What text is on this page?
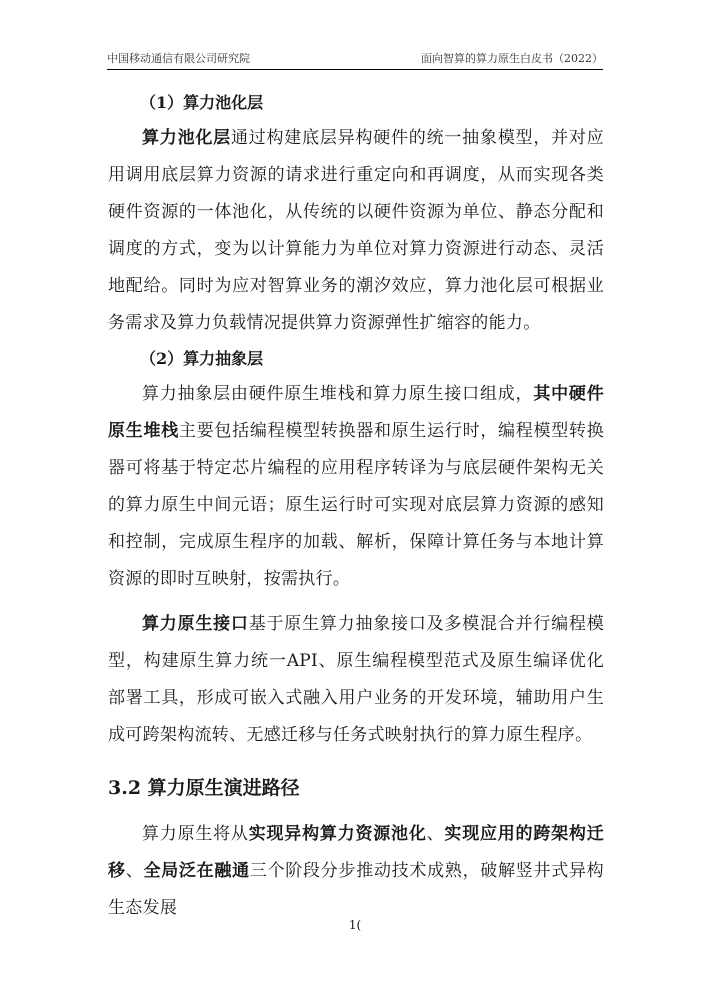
中国移动通信有限公司研究院	面向智算的算力原生白皮书（2022）

（1）算力池化层

算力池化层通过构建底层异构硬件的统一抽象模型，并对应用调用底层算力资源的请求进行重定向和再调度，从而实现各类硬件资源的一体池化，从传统的以硬件资源为单位、静态分配和调度的方式，变为以计算能力为单位对算力资源进行动态、灵活地配给。同时为应对智算业务的潮汐效应，算力池化层可根据业务需求及算力负载情况提供算力资源弹性扩缩容的能力。

（2）算力抽象层

算力抽象层由硬件原生堆栈和算力原生接口组成，其中硬件原生堆栈主要包括编程模型转换器和原生运行时，编程模型转换器可将基于特定芯片编程的应用程序转译为与底层硬件架构无关的算力原生中间元语；原生运行时可实现对底层算力资源的感知和控制，完成原生程序的加载、解析，保障计算任务与本地计算资源的即时互映射，按需执行。

算力原生接口基于原生算力抽象接口及多模混合并行编程模型，构建原生算力统一API、原生编程模型范式及原生编译优化部署工具，形成可嵌入式融入用户业务的开发环境，辅助用户生成可跨架构流转、无感迁移与任务式映射执行的算力原生程序。

3.2 算力原生演进路径

算力原生将从实现异构算力资源池化、实现应用的跨架构迁移、全局泛在融通三个阶段分步推动技术成熟，破解竖井式异构生态发展

1(
